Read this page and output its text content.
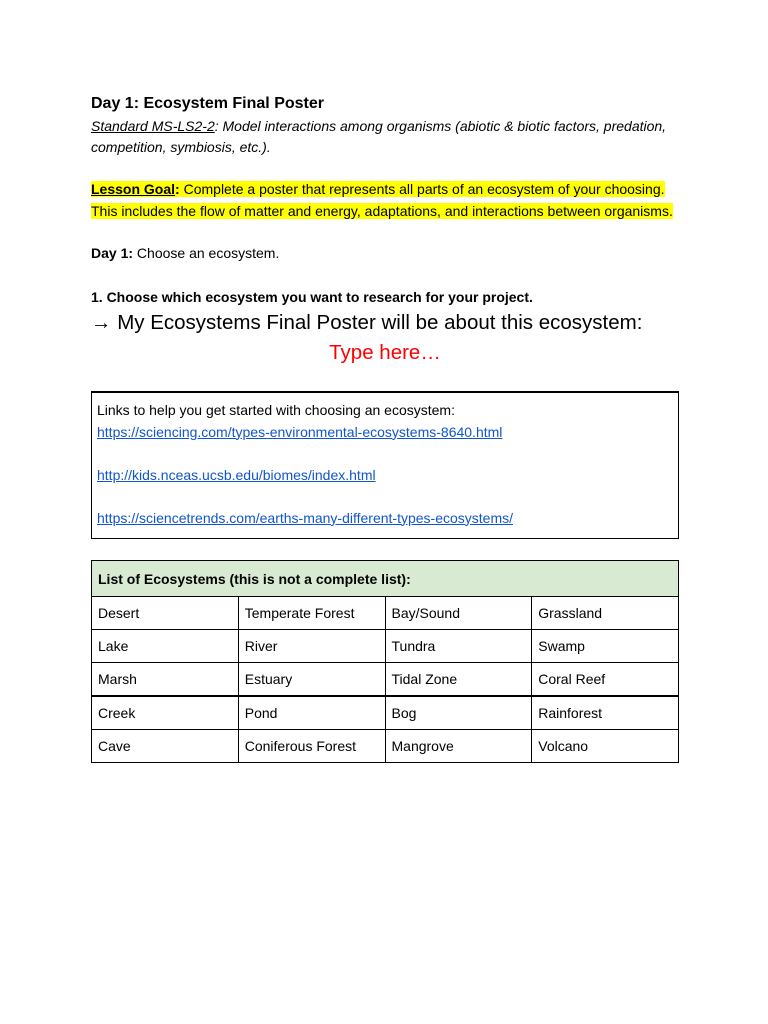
Day 1: Ecosystem Final Poster

Standard MS-LS2-2: Model interactions among organisms (abiotic & biotic factors, predation, competition, symbiosis, etc.).

Lesson Goal: Complete a poster that represents all parts of an ecosystem of your choosing. This includes the flow of matter and energy, adaptations, and interactions between organisms.

Day 1: Choose an ecosystem.

1. Choose which ecosystem you want to research for your project.

→ My Ecosystems Final Poster will be about this ecosystem:

Type here…

Links to help you get started with choosing an ecosystem:

https://sciencing.com/types-environmental-ecosystems-8640.html

http://kids.nceas.ucsb.edu/biomes/index.html

https://sciencetrends.com/earths-many-different-types-ecosystems/

List of Ecosystems (this is not a complete list):			
Desert	Temperate Forest	Bay/Sound	Grassland
Lake	River	Tundra	Swamp
Marsh	Estuary	Tidal Zone	Coral Reef
Creek	Pond	Bog	Rainforest
Cave	Coniferous Forest	Mangrove	Volcano
